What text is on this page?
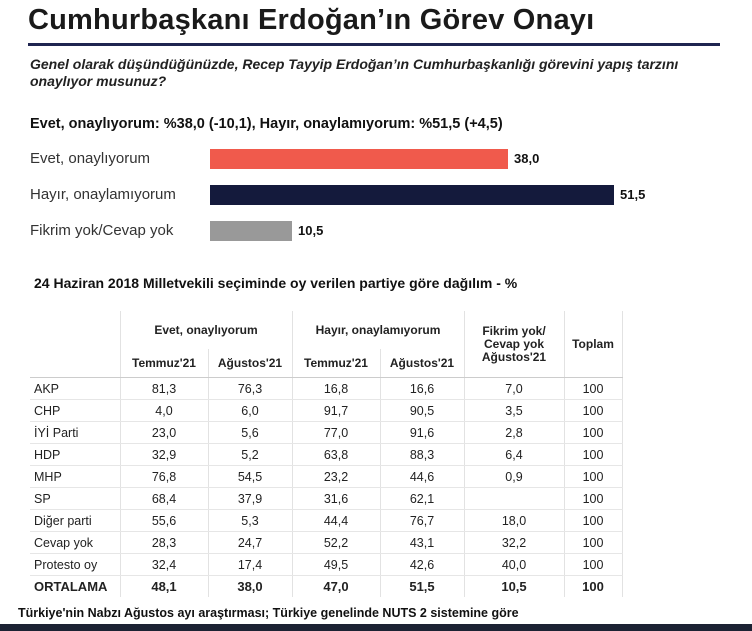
Cumhurbaşkanı Erdoğan’ın Görev Onayı
Genel olarak düşündüğünüzde, Recep Tayyip Erdoğan’ın Cumhurbaşkanlığı görevini yapış tarzını onaylıyor musunuz?
Evet, onaylıyorum: %38,0 (-10,1), Hayır, onaylamıyorum: %51,5 (+4,5)
Evet, onaylıyorum	38,0
Hayır, onaylamıyorum	51,5
Fikrim yok/Cevap yok	10,5
24 Haziran 2018 Milletvekili seçiminde oy verilen partiye göre dağılım - %
	Evet, onaylıyorum		Hayır, onaylamıyorum		Fikrim yok/ Cevap yok Ağustos'21	Toplam
	Temmuz'21	Ağustos'21	Temmuz'21	Ağustos'21		
AKP	81,3	76,3	16,8	16,6	7,0	100
CHP	4,0	6,0	91,7	90,5	3,5	100
İYİ Parti	23,0	5,6	77,0	91,6	2,8	100
HDP	32,9	5,2	63,8	88,3	6,4	100
MHP	76,8	54,5	23,2	44,6	0,9	100
SP	68,4	37,9	31,6	62,1		100
Diğer parti	55,6	5,3	44,4	76,7	18,0	100
Cevap yok	28,3	24,7	52,2	43,1	32,2	100
Protesto oy	32,4	17,4	49,5	42,6	40,0	100
ORTALAMA	48,1	38,0	47,0	51,5	10,5	100
Türkiye'nin Nabzı Ağustos ayı araştırması; Türkiye genelinde NUTS 2 sistemine göre
